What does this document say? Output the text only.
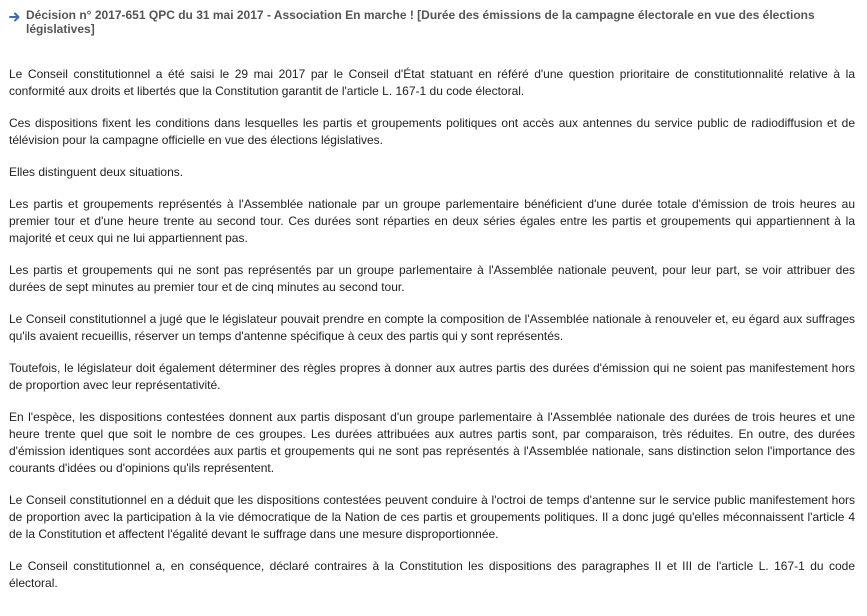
Décision n° 2017-651 QPC du 31 mai 2017 - Association En marche ! [Durée des émissions de la campagne électorale en vue des élections législatives]

Le Conseil constitutionnel a été saisi le 29 mai 2017 par le Conseil d'État statuant en référé d'une question prioritaire de constitutionnalité relative à la conformité aux droits et libertés que la Constitution garantit de l'article L. 167-1 du code électoral.

Ces dispositions fixent les conditions dans lesquelles les partis et groupements politiques ont accès aux antennes du service public de radiodiffusion et de télévision pour la campagne officielle en vue des élections législatives.

Elles distinguent deux situations.

Les partis et groupements représentés à l'Assemblée nationale par un groupe parlementaire bénéficient d'une durée totale d'émission de trois heures au premier tour et d'une heure trente au second tour. Ces durées sont réparties en deux séries égales entre les partis et groupements qui appartiennent à la majorité et ceux qui ne lui appartiennent pas.

Les partis et groupements qui ne sont pas représentés par un groupe parlementaire à l'Assemblée nationale peuvent, pour leur part, se voir attribuer des durées de sept minutes au premier tour et de cinq minutes au second tour.

Le Conseil constitutionnel a jugé que le législateur pouvait prendre en compte la composition de l'Assemblée nationale à renouveler et, eu égard aux suffrages qu'ils avaient recueillis, réserver un temps d'antenne spécifique à ceux des partis qui y sont représentés.

Toutefois, le législateur doit également déterminer des règles propres à donner aux autres partis des durées d'émission qui ne soient pas manifestement hors de proportion avec leur représentativité.

En l'espèce, les dispositions contestées donnent aux partis disposant d'un groupe parlementaire à l'Assemblée nationale des durées de trois heures et une heure trente quel que soit le nombre de ces groupes. Les durées attribuées aux autres partis sont, par comparaison, très réduites. En outre, des durées d'émission identiques sont accordées aux partis et groupements qui ne sont pas représentés à l'Assemblée nationale, sans distinction selon l'importance des courants d'idées ou d'opinions qu'ils représentent.

Le Conseil constitutionnel en a déduit que les dispositions contestées peuvent conduire à l'octroi de temps d'antenne sur le service public manifestement hors de proportion avec la participation à la vie démocratique de la Nation de ces partis et groupements politiques. Il a donc jugé qu'elles méconnaissent l'article 4 de la Constitution et affectent l'égalité devant le suffrage dans une mesure disproportionnée.

Le Conseil constitutionnel a, en conséquence, déclaré contraires à la Constitution les dispositions des paragraphes II et III de l'article L. 167-1 du code électoral.
